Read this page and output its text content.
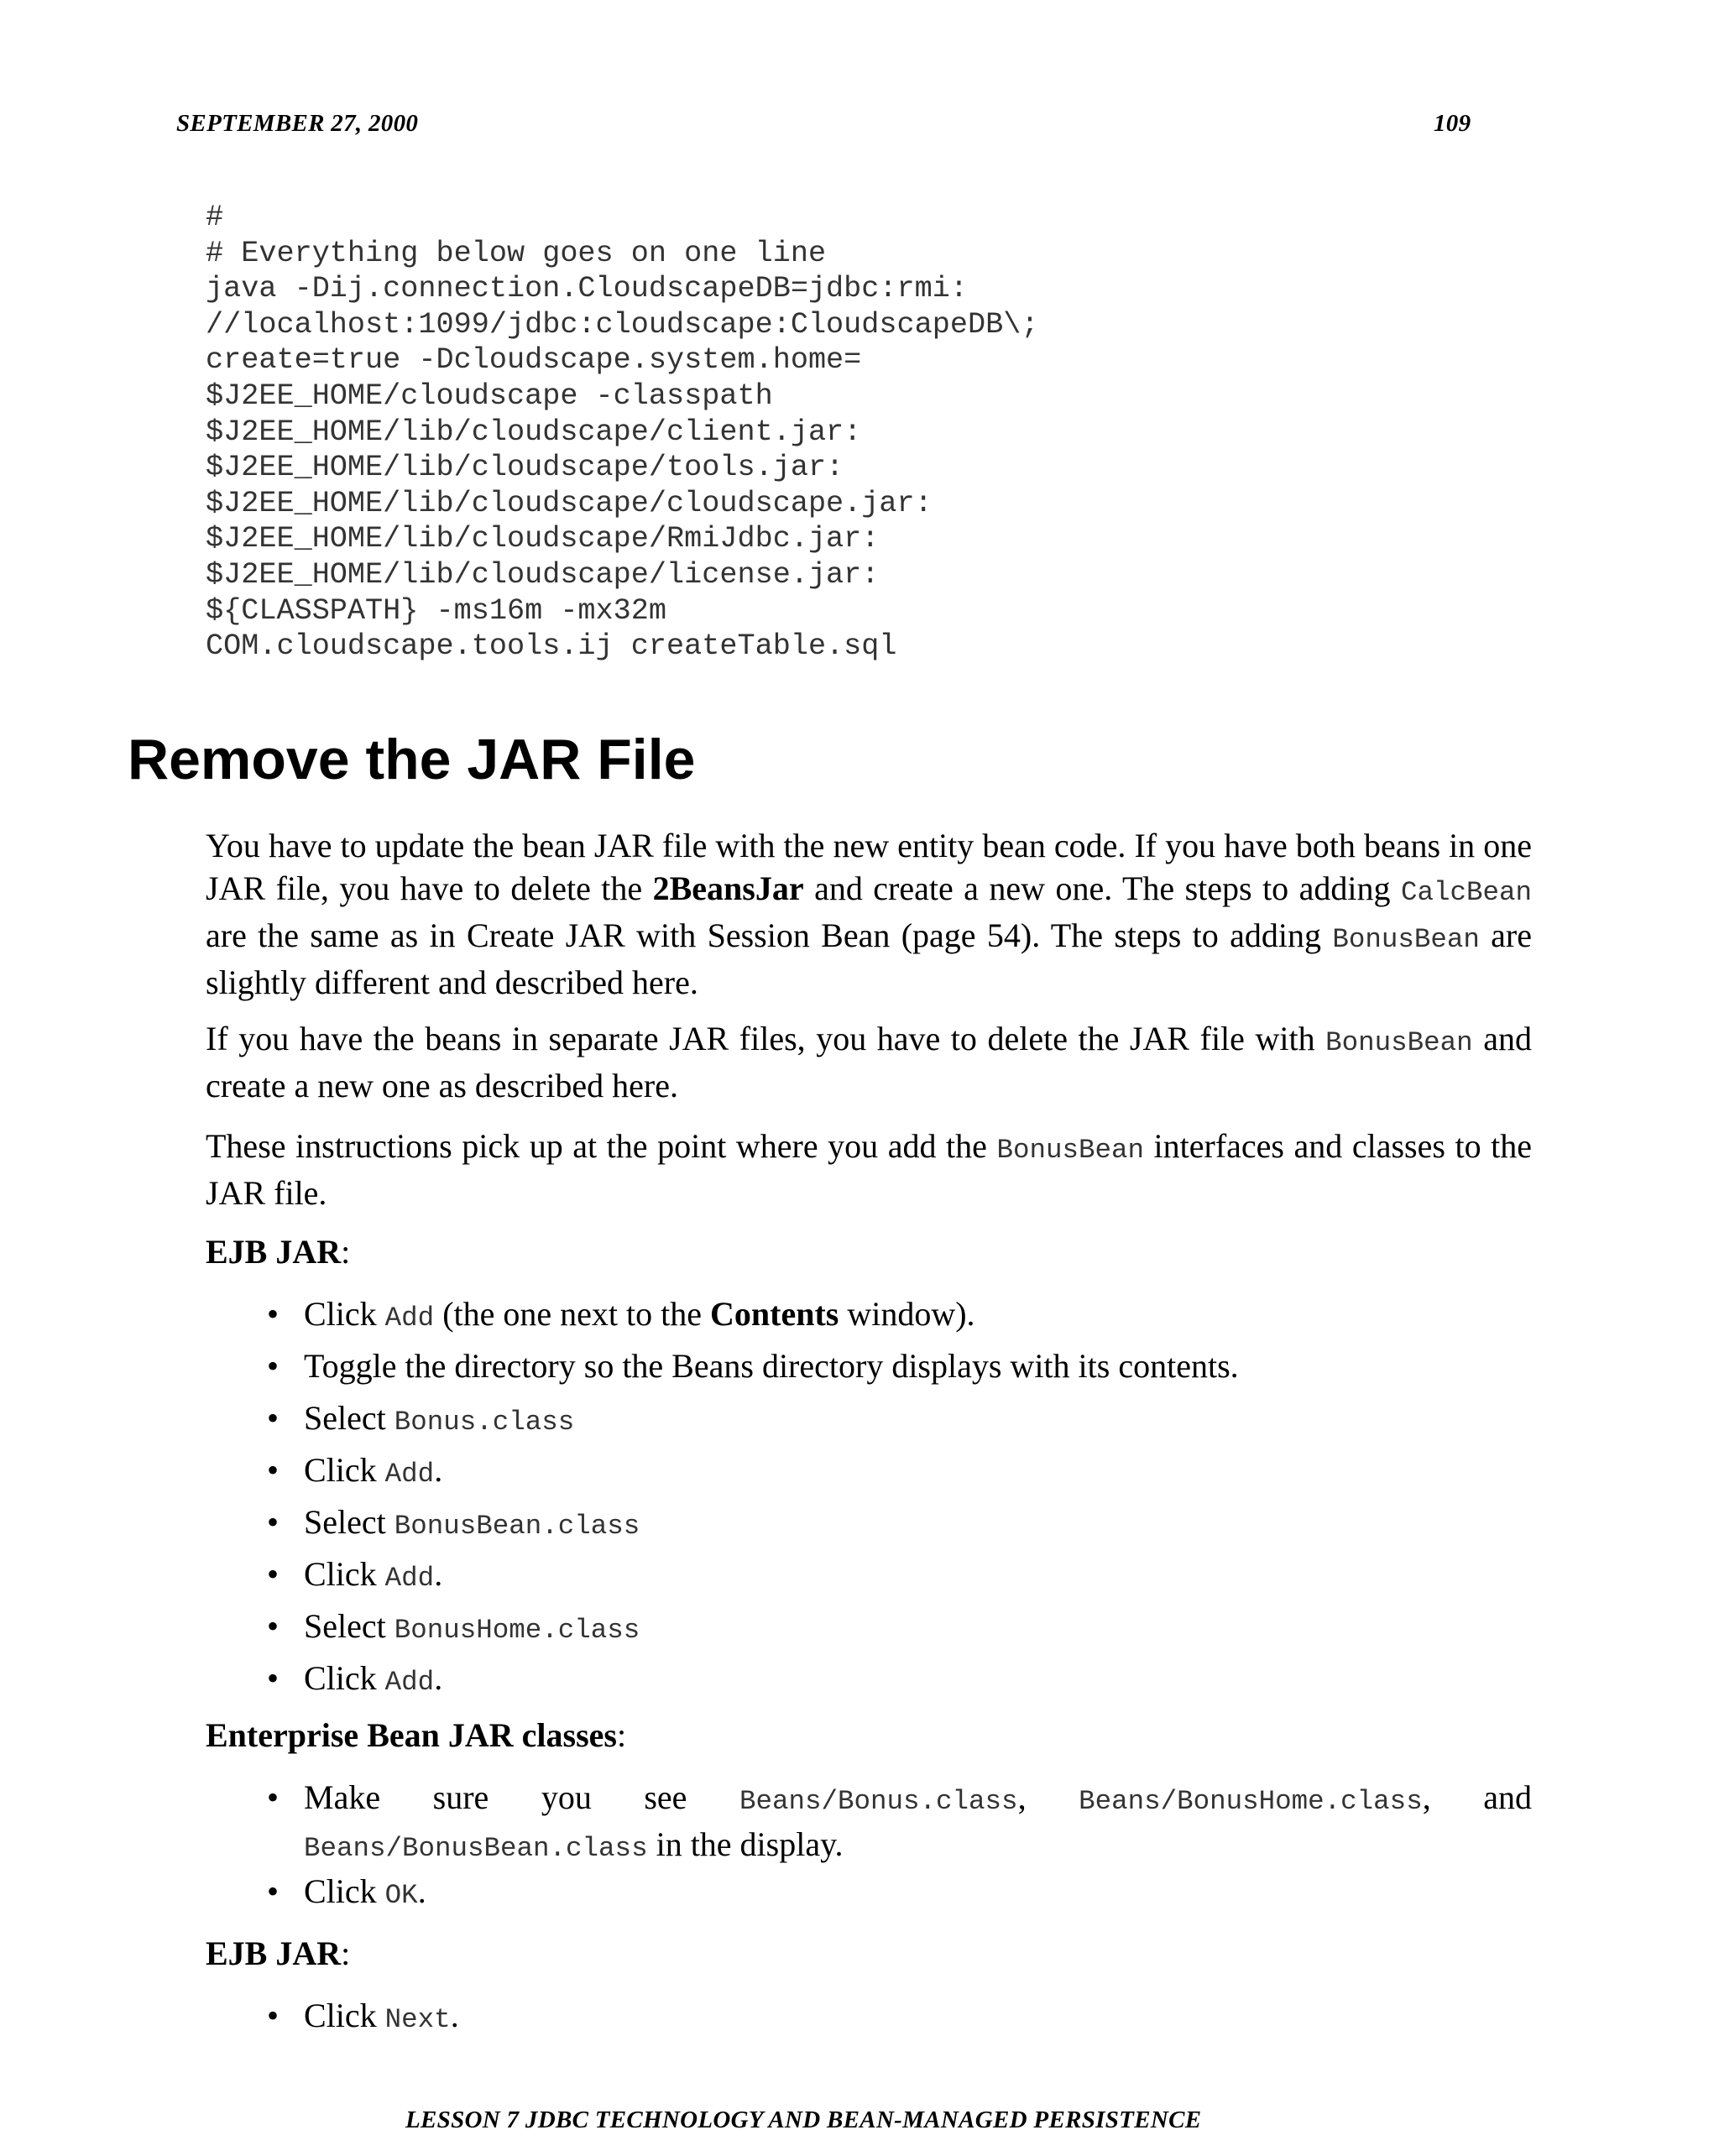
SEPTEMBER 27, 2000	109
#
# Everything below goes on one line
java -Dij.connection.CloudscapeDB=jdbc:rmi:
//localhost:1099/jdbc:cloudscape:CloudscapeDB\;
create=true -Dcloudscape.system.home=
$J2EE_HOME/cloudscape -classpath
$J2EE_HOME/lib/cloudscape/client.jar:
$J2EE_HOME/lib/cloudscape/tools.jar:
$J2EE_HOME/lib/cloudscape/cloudscape.jar:
$J2EE_HOME/lib/cloudscape/RmiJdbc.jar:
$J2EE_HOME/lib/cloudscape/license.jar:
${CLASSPATH} -ms16m -mx32m
COM.cloudscape.tools.ij createTable.sql
Remove the JAR File

You have to update the bean JAR file with the new entity bean code. If you have both beans in one JAR file, you have to delete the 2BeansJar and create a new one. The steps to adding CalcBean are the same as in Create JAR with Session Bean (page 54). The steps to adding BonusBean are slightly different and described here.

If you have the beans in separate JAR files, you have to delete the JAR file with BonusBean and create a new one as described here.

These instructions pick up at the point where you add the BonusBean interfaces and classes to the JAR file.

EJB JAR:
• Click Add (the one next to the Contents window).
• Toggle the directory so the Beans directory displays with its contents.
• Select Bonus.class
• Click Add.
• Select BonusBean.class
• Click Add.
• Select BonusHome.class
• Click Add.
Enterprise Bean JAR classes:
• Make sure you see Beans/Bonus.class, Beans/BonusHome.class, and Beans/BonusBean.class in the display.
• Click OK.
EJB JAR:
• Click Next.
LESSON 7 JDBC TECHNOLOGY AND BEAN-MANAGED PERSISTENCE
